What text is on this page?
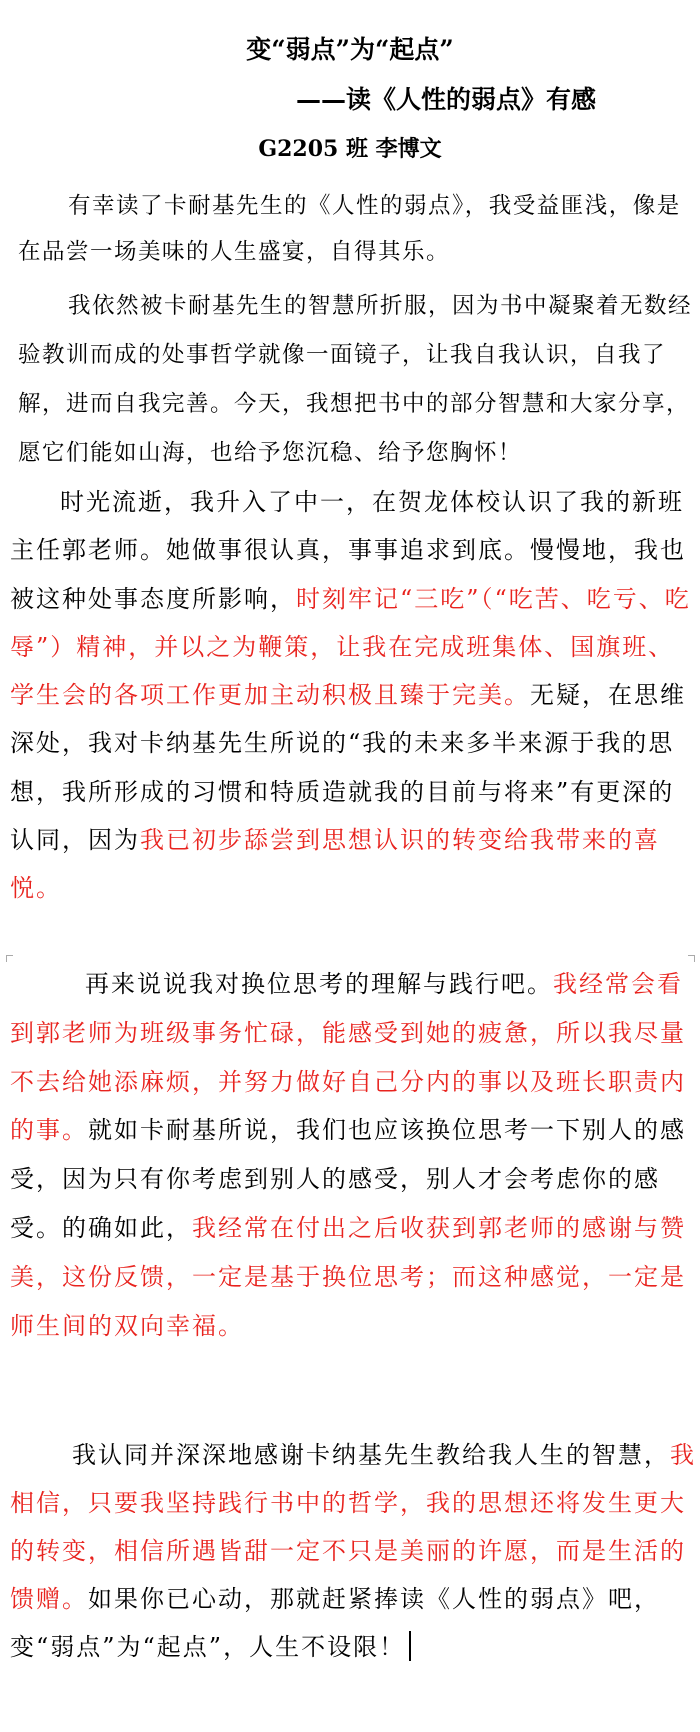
变“弱点”为“起点”
——读《人性的弱点》有感
G2205 班 李博文

有幸读了卡耐基先生的《人性的弱点》，我受益匪浅，像是在品尝一场美味的人生盛宴，自得其乐。

我依然被卡耐基先生的智慧所折服，因为书中凝聚着无数经验教训而成的处事哲学就像一面镜子，让我自我认识，自我了解，进而自我完善。今天，我想把书中的部分智慧和大家分享，愿它们能如山海，也给予您沉稳、给予您胸怀！

时光流逝，我升入了中一，在贺龙体校认识了我的新班主任郭老师。她做事很认真，事事追求到底。慢慢地，我也被这种处事态度所影响，时刻牢记“三吃”（“吃苦、吃亏、吃辱”）精神，并以之为鞭策，让我在完成班集体、国旗班、学生会的各项工作更加主动积极且臻于完美。无疑，在思维深处，我对卡纳基先生所说的“我的未来多半来源于我的思想，我所形成的习惯和特质造就我的目前与将来”有更深的认同，因为我已初步舔尝到思想认识的转变给我带来的喜悦。

再来说说我对换位思考的理解与践行吧。我经常会看到郭老师为班级事务忙碌，能感受到她的疲惫，所以我尽量不去给她添麻烦，并努力做好自己分内的事以及班长职责内的事。就如卡耐基所说，我们也应该换位思考一下别人的感受，因为只有你考虑到别人的感受，别人才会考虑你的感受。的确如此，我经常在付出之后收获到郭老师的感谢与赞美，这份反馈，一定是基于换位思考；而这种感觉，一定是师生间的双向幸福。

我认同并深深地感谢卡纳基先生教给我人生的智慧，我相信，只要我坚持践行书中的哲学，我的思想还将发生更大的转变，相信所遇皆甜一定不只是美丽的许愿，而是生活的馈赠。如果你已心动，那就赶紧捧读《人性的弱点》吧，变“弱点”为“起点”，人生不设限！
